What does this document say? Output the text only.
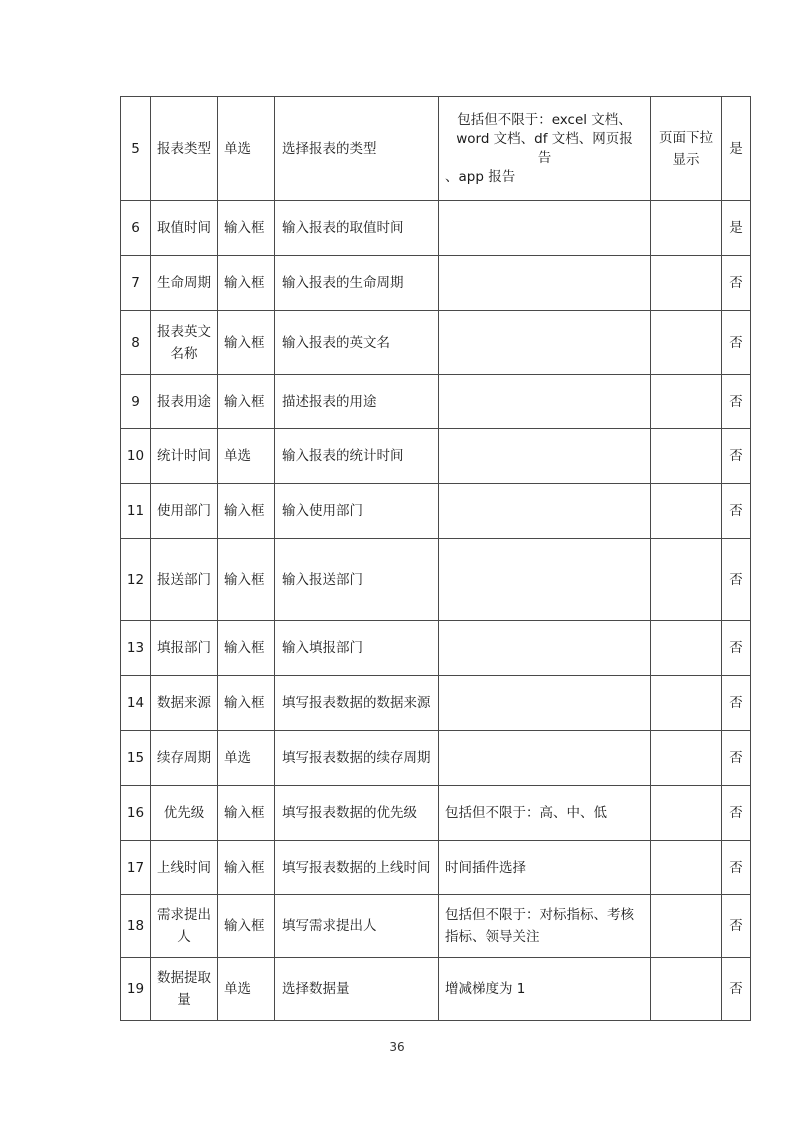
5	报表类型	单选	选择报表的类型	包括但不限于：excel 文档、
word 文档、df 文档、网页报
告
、app 报告	页面下拉显示	是
6	取值时间	输入框	输入报表的取值时间			是
7	生命周期	输入框	输入报表的生命周期			否
8	报表英文名称	输入框	输入报表的英文名			否
9	报表用途	输入框	描述报表的用途			否
10	统计时间	单选	输入报表的统计时间			否
11	使用部门	输入框	输入使用部门			否
12	报送部门	输入框	输入报送部门			否
13	填报部门	输入框	输入填报部门			否
14	数据来源	输入框	填写报表数据的数据来源			否
15	续存周期	单选	填写报表数据的续存周期			否
16	优先级	输入框	填写报表数据的优先级	包括但不限于：高、中、低		否
17	上线时间	输入框	填写报表数据的上线时间	时间插件选择		否
18	需求提出人	输入框	填写需求提出人	包括但不限于：对标指标、考核指标、领导关注		否
19	数据提取量	单选	选择数据量	增减梯度为 1		否
36
